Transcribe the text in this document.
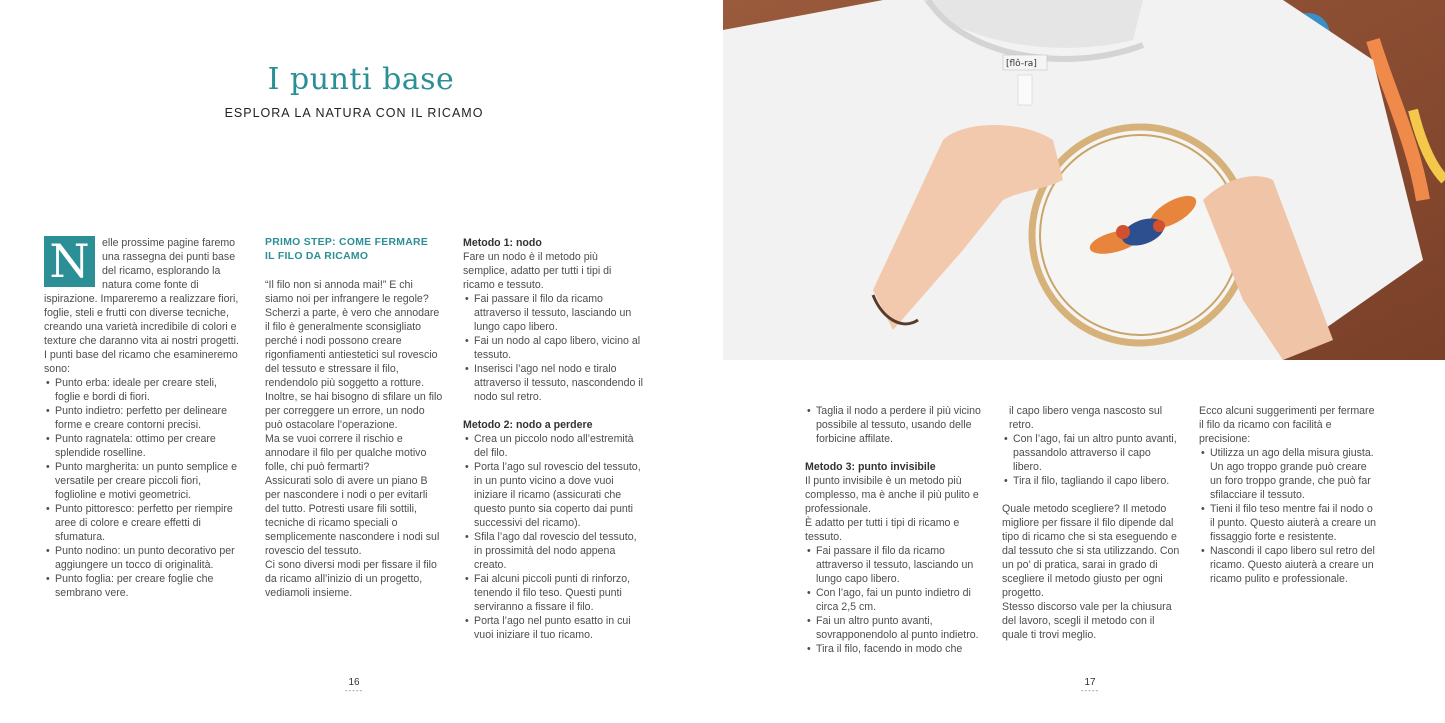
I punti base
ESPLORA LA NATURA CON IL RICAMO
N	elle prossime pagine faremo una rassegna dei punti base del ricamo, esplorando la natura come fonte di ispirazione. Impareremo a realizzare fiori, foglie, steli e frutti con diverse tecniche, creando una varietà incredibile di colori e texture che daranno vita ai nostri progetti.

I punti base del ricamo che esamineremo sono:

• Punto erba: ideale per creare steli, foglie e bordi di fiori.
• Punto indietro: perfetto per delineare forme e creare contorni precisi.
• Punto ragnatela: ottimo per creare splendide roselline.
• Punto margherita: un punto semplice e versatile per creare piccoli fiori, foglioline e motivi geometrici.
• Punto pittoresco: perfetto per riempire aree di colore e creare effetti di sfumatura.
• Punto nodino: un punto decorativo per aggiungere un tocco di originalità.
• Punto foglia: per creare foglie che sembrano vere.
PRIMO STEP: COME FERMARE
IL FILO DA RICAMO

“Il filo non si annoda mai!” E chi siamo noi per infrangere le regole? Scherzi a parte, è vero che annodare il filo è generalmente sconsigliato perché i nodi possono creare rigonfiamenti antiestetici sul rovescio del tessuto e stressare il filo, rendendolo più soggetto a rotture. Inoltre, se hai bisogno di sfilare un filo per correggere un errore, un nodo può ostacolare l’operazione.

Ma se vuoi correre il rischio e annodare il filo per qualche motivo folle, chi può fermarti?

Assicurati solo di avere un piano B per nascondere i nodi o per evitarli del tutto. Potresti usare fili sottili, tecniche di ricamo speciali o semplicemente nascondere i nodi sul rovescio del tessuto.

Ci sono diversi modi per fissare il filo da ricamo all’inizio di un progetto, vediamoli insieme.

Metodo 1: nodo

Fare un nodo è il metodo più semplice, adatto per tutti i tipi di ricamo e tessuto.

• Fai passare il filo da ricamo attraverso il tessuto, lasciando un lungo capo libero.
• Fai un nodo al capo libero, vicino al tessuto.
• Inserisci l’ago nel nodo e tiralo attraverso il tessuto, nascondendo il nodo sul retro.

Metodo 2: nodo a perdere

• Crea un piccolo nodo all’estremità del filo.
• Porta l’ago sul rovescio del tessuto, in un punto vicino a dove vuoi iniziare il ricamo (assicurati che questo punto sia coperto dai punti successivi del ricamo).
• Sfila l’ago dal rovescio del tessuto, in prossimità del nodo appena creato.
• Fai alcuni piccoli punti di rinforzo, tenendo il filo teso. Questi punti serviranno a fissare il filo.
• Porta l’ago nel punto esatto in cui vuoi iniziare il tuo ricamo.
16
-----
17
-----
[flô-ra]
• Taglia il nodo a perdere il più vicino possibile al tessuto, usando delle forbicine affilate.

Metodo 3: punto invisibile

Il punto invisibile è un metodo più complesso, ma è anche il più pulito e professionale.

È adatto per tutti i tipi di ricamo e tessuto.

• Fai passare il filo da ricamo attraverso il tessuto, lasciando un lungo capo libero.
• Con l’ago, fai un punto indietro di circa 2,5 cm.
• Fai un altro punto avanti, sovrapponendolo al punto indietro.
• Tira il filo, facendo in modo che

il capo libero venga nascosto sul retro.

• Con l’ago, fai un altro punto avanti, passandolo attraverso il capo libero.
• Tira il filo, tagliando il capo libero.

Quale metodo scegliere? Il metodo migliore per fissare il filo dipende dal tipo di ricamo che si sta eseguendo e dal tessuto che si sta utilizzando. Con un po’ di pratica, sarai in grado di scegliere il metodo giusto per ogni progetto.

Stesso discorso vale per la chiusura del lavoro, scegli il metodo con il quale ti trovi meglio.

Ecco alcuni suggerimenti per fermare il filo da ricamo con facilità e precisione:

• Utilizza un ago della misura giusta. Un ago troppo grande può creare un foro troppo grande, che può far sfilacciare il tessuto.
• Tieni il filo teso mentre fai il nodo o il punto. Questo aiuterà a creare un fissaggio forte e resistente.
• Nascondi il capo libero sul retro del ricamo. Questo aiuterà a creare un ricamo pulito e professionale.
